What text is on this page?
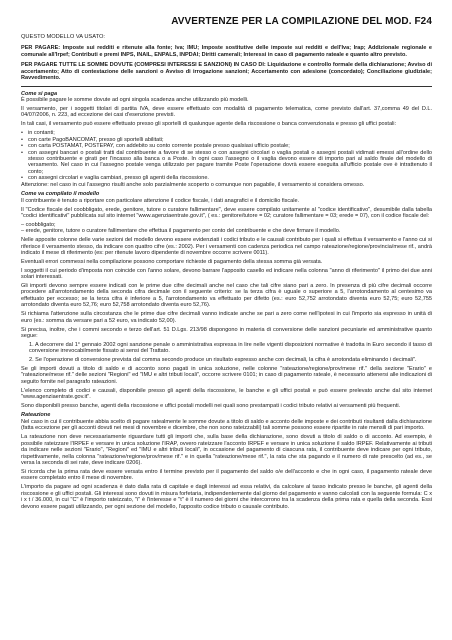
AVVERTENZE PER LA COMPILAZIONE DEL MOD. F24
QUESTO MODELLO VA USATO:

PER PAGARE: Imposte sui redditi e ritenute alla fonte; Iva; IMU; Imposte sostitutive delle imposte sui redditi e dell'Iva; Irap; Addizionale regionale e comunale all'Irpef; Contributi e premi INPS, INAIL, ENPALS, INPDAI; Diritti camerali; Interessi in caso di pagamento rateale e quanto altro previsto.

PER PAGARE TUTTE LE SOMME DOVUTE (COMPRESI INTERESSI E SANZIONI) IN CASO DI: Liquidazione e controllo formale della dichiarazione; Avviso di accertamento; Atto di contestazione delle sanzioni o Avviso di irrogazione sanzioni; Accertamento con adesione (concordato); Conciliazione giudiziale; Ravvedimento.

Come si paga

È possibile pagare le somme dovute ad ogni singola scadenza anche utilizzando più modelli.

Il versamento, per i soggetti titolari di partita IVA, deve essere effettuato con modalità di pagamento telematica, come previsto dall'art. 37,comma 49 del D.L. 04/07/2006, n. 223, ad eccezione dei casi d'esenzione previsti.

In tali casi, il versamento può essere effettuato presso gli sportelli di qualunque agente della riscossione o banca convenzionata e presso gli uffici postali:

• in contanti;
• con carte PagoBANCOMAT, presso gli sportelli abilitati;
• con carta POSTAMAT, POSTEPAY, con addebito su conto corrente postale presso qualsiasi ufficio postale;
• con assegni bancari o postali tratti dal contribuente a favore di se stesso o con assegni circolari o vaglia postali o assegni postali vidimati emessi all'ordine dello stesso contribuente e girati per l'incasso alla banca o a Poste. In ogni caso l'assegno o il vaglia devono essere di importo pari al saldo finale del modello di versamento. Nel caso in cui l'assegno postale venga utilizzato per pagare tramite Poste l'operazione dovrà essere eseguita all'ufficio postale ove è intrattenuto il conto;
• con assegni circolari e vaglia cambiari, presso gli agenti della riscossione.

Attenzione: nel caso in cui l'assegno risulti anche solo parzialmente scoperto o comunque non pagabile, il versamento si considera omesso.

Come va compilato il modello

Il contribuente è tenuto a riportare con particolare attenzione il codice fiscale, i dati anagrafici e il domicilio fiscale.

Il "Codice fiscale del coobbligato, erede, genitore, tutore o curatore fallimentare", deve essere compilato unitamente al "codice identificativo", desumibile dalla tabella "codici identificativi" pubblicata sul sito internet "www.agenziaentrate.gov.it", ( es.: genitore/tutore = 02; curatore fallimentare = 03; erede = 07), con il codice fiscale del:

– coobbligato;

– erede, genitore, tutore o curatore fallimentare che effettua il pagamento per conto del contribuente e che deve firmare il modello.

Nelle apposite colonne delle varie sezioni del modello devono essere evidenziati i codici tributo e le causali contributo per i quali si effettua il versamento e l'anno cui si riferisce il versamento stesso, da indicare con quattro cifre (es.: 2002). Per i versamenti con cadenza periodica nel campo rateazione/regione/provincia/mese rif., andrà indicato il mese di riferimento (es: per ritenute lavoro dipendente di novembre occorre scrivere 0011).

Eventuali errori commessi nella compilazione possono comportare richieste di pagamento della stessa somma già versata.

I soggetti il cui periodo d'imposta non coincide con l'anno solare, devono barrare l'apposito casello ed indicare nella colonna "anno di riferimento" il primo dei due anni solari interessati.

Gli importi devono sempre essere indicati con le prime due cifre decimali anche nel caso che tali cifre siano pari a zero. In presenza di più cifre decimali occorre procedere all'arrotondamento della seconda cifra decimale con il seguente criterio: se la terza cifra è uguale o superiore a 5, l'arrotondamento al centesimo va effettuato per eccesso; se la terza cifra è inferiore a 5, l'arrotondamento va effettuato per difetto (es.: euro 52,752 arrotondato diventa euro 52,75; euro 52,755 arrotondato diventa euro 52,76; euro 52,758 arrotondato diventa euro 52,76).

Si richiama l'attenzione sulla circostanza che le prime due cifre decimali vanno indicate anche se pari a zero come nell'ipotesi in cui l'importo sia espresso in unità di euro (es.: somma da versare pari a 52 euro, va indicato 52,00).

Si precisa, inoltre, che i commi secondo e terzo dell'art. 51 D.Lgs. 213/98 dispongono in materia di conversione delle sanzioni pecuniarie ed amministrative quanto segue:

1. A decorrere dal 1° gennaio 2002 ogni sanzione penale o amministrativa espressa in lire nelle vigenti disposizioni normative è tradotta in Euro secondo il tasso di conversione irrevocabilmente fissato ai sensi del Trattato.

2. Se l'operazione di conversione prevista dal comma secondo produce un risultato espresso anche con decimali, la cifra è arrotondata eliminando i decimali".

Se gli importi dovuti a titolo di saldo e di acconto sono pagati in unica soluzione, nelle colonne "rateazione/regione/prov/mese rif." della sezione "Erario" e "rateazione/mese rif." delle sezioni "Regioni" ed "IMU e altri tributi locali", occorre scrivere 0101; in caso di pagamento rateale, è necessario attenersi alle indicazioni di seguito fornite nel paragrafo rateazioni.

L'elenco completo di codici e causali, disponibile presso gli agenti della riscossione, le banche e gli uffici postali e può essere prelevato anche dal sito internet "www.agenziaentrate.gov.it".

Sono disponibili presso banche, agenti della riscossione e uffici postali modelli nei quali sono prestampati i codici tributo relativi ai versamenti più frequenti.

Rateazione

Nel caso in cui il contribuente abbia scelto di pagare ratealmente le somme dovute a titolo di saldo e acconto delle imposte e dei contributi risultanti dalla dichiarazione (fatta eccezione per gli acconti dovuti nei mesi di novembre e dicembre, che non sono rateizzabili) tali somme possono essere ripartite in rate mensili di pari importo.

La rateazione non deve necessariamente riguardare tutti gli importi che, sulla base della dichiarazione, sono dovuti a titolo di saldo o di acconto. Ad esempio, è possibile rateizzare l'IRPEF e versare in unica soluzione l'IRAP, ovvero rateizzare l'acconto IRPEF e versare in unica soluzione il saldo IRPEF. Relativamente ai tributi da indicare nelle sezioni "Erario", "Regioni" ed "IMU e altri tributi locali", in occasione del pagamento di ciascuna rata, il contribuente deve indicare per ogni tributo, rispettivamente, nella colonna "rateazione/regione/prov/mese rif." e in quella "rateazione/mese rif.", la rata che sta pagando e il numero di rate prescelto (ad es., se versa la seconda di sei rate, deve indicare 0206).

Si ricorda che la prima rata deve essere versata entro il termine previsto per il pagamento del saldo o/e dell'acconto e che in ogni caso, il pagamento rateale deve essere completato entro il mese di novembre.

L'importo da pagare ad ogni scadenza è dato dalla rata di capitale e dagli interessi ad essa relativi, da calcolare al tasso indicato presso le banche, gli agenti della riscossione e gli uffici postali. Gli interessi sono dovuti in misura forfetaria, indipendentemente dal giorno del pagamento e vanno calcolati con la seguente formula: C x i x t / 36.000, in cui "C" è l'importo rateizzato, "i" è l'interesse e "t" è il numero dei giorni che intercorrono tra la scadenza della prima rata e quella della seconda. Essi devono essere pagati utilizzando, per ogni sezione del modello, l'apposito codice tributo o causale contributo.
